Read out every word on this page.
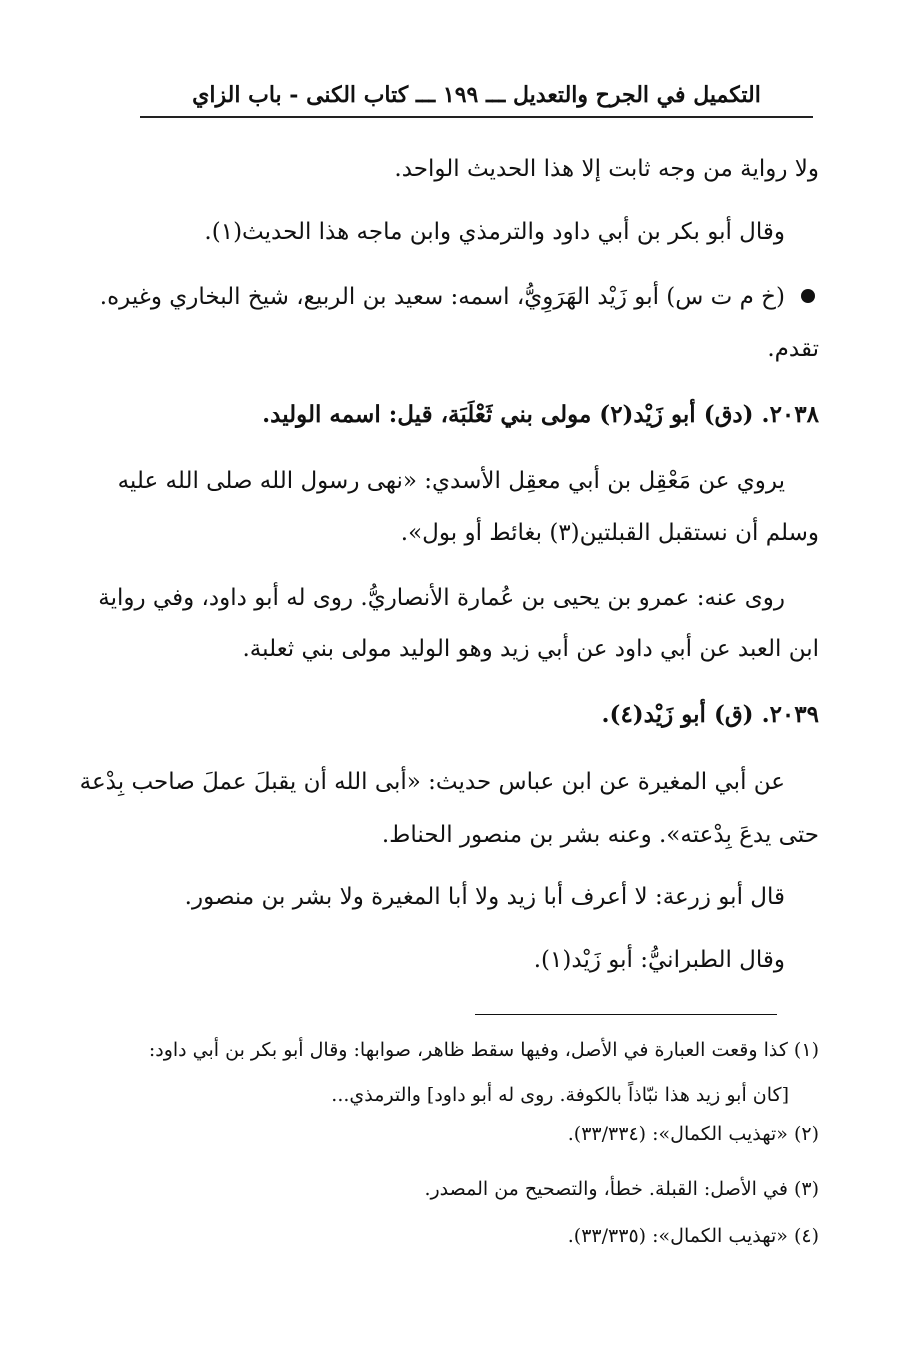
التكميل في الجرح والتعديل ـــ ١٩٩ ـــ كتاب الكنى - باب الزاي
ولا رواية من وجه ثابت إلا هذا الحديث الواحد.
وقال أبو بكر بن أبي داود والترمذي وابن ماجه هذا الحديث(١).
(خ م ت س) أبو زَيْد الهَرَوِيُّ، اسمه: سعيد بن الربيع، شيخ البخاري وغيره.
تقدم.
٢٠٣٨. (دق) أبو زَيْد(٢) مولى بني ثَعْلَبَة، قيل: اسمه الوليد.
يروي عن مَعْقِل بن أبي معقِل الأسدي: «نهى رسول الله صلى الله عليه
وسلم أن نستقبل القبلتين(٣) بغائط أو بول».
روى عنه: عمرو بن يحيى بن عُمارة الأنصاريُّ. روى له أبو داود، وفي رواية
ابن العبد عن أبي داود عن أبي زيد وهو الوليد مولى بني ثعلبة.
٢٠٣٩. (ق) أبو زَيْد(٤).
عن أبي المغيرة عن ابن عباس حديث: «أبى الله أن يقبلَ عملَ صاحب بِدْعة
حتى يدعَ بِدْعته». وعنه بشر بن منصور الحناط.
قال أبو زرعة: لا أعرف أبا زيد ولا أبا المغيرة ولا بشر بن منصور.
وقال الطبرانيُّ: أبو زَيْد(١).
(١) كذا وقعت العبارة في الأصل، وفيها سقط ظاهر، صوابها: وقال أبو بكر بن أبي داود:
[كان أبو زيد هذا نبّاذاً بالكوفة. روى له أبو داود] والترمذي...
(٢) «تهذيب الكمال»: (٣٣/٣٣٤).
(٣) في الأصل: القبلة. خطأ، والتصحيح من المصدر.
(٤) «تهذيب الكمال»: (٣٣/٣٣٥).
